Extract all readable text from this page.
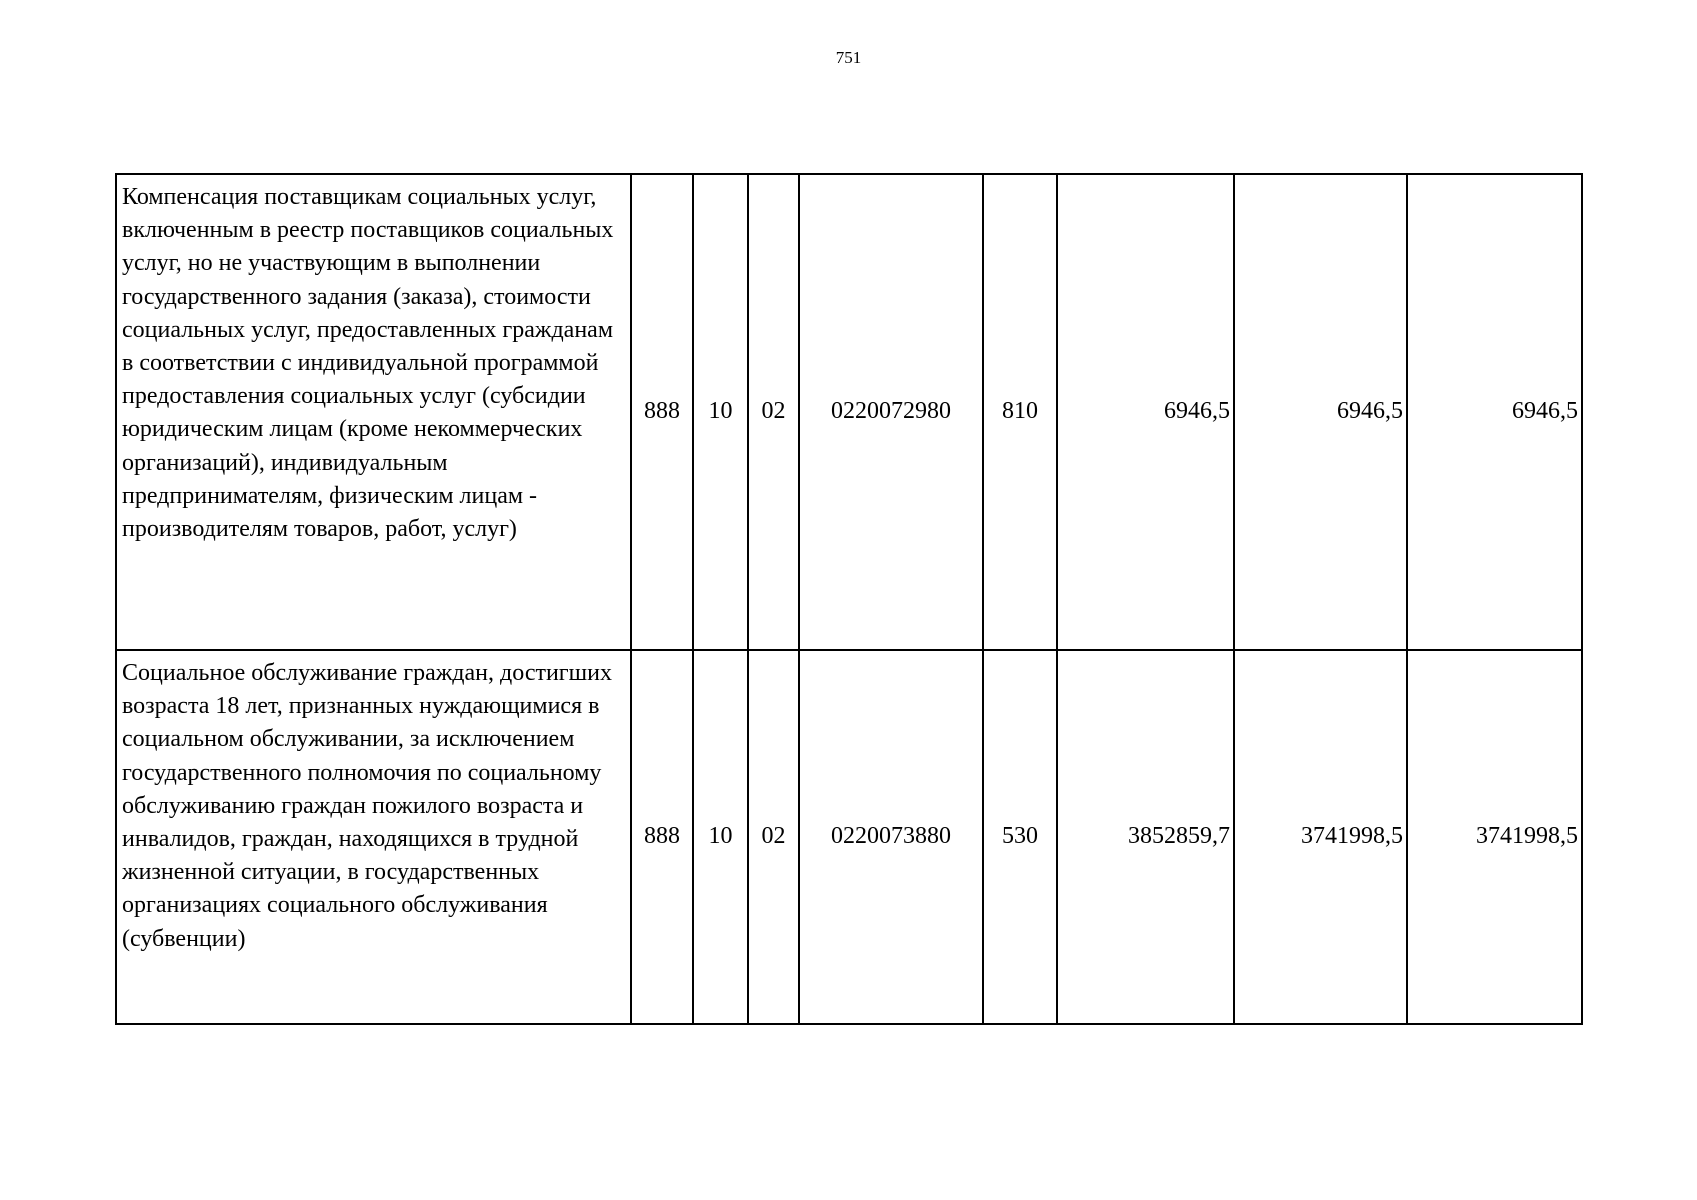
751
Компенсация поставщикам социальных услуг, включенным в реестр поставщиков социальных услуг, но не участвующим в выполнении государственного задания (заказа), стоимости социальных услуг, предоставленных гражданам в соответствии с индивидуальной программой предоставления социальных услуг (субсидии юридическим лицам (кроме некоммерческих организаций), индивидуальным предпринимателям, физическим лицам - производителям товаров, работ, услуг)	888	10	02	0220072980	810	6946,5	6946,5	6946,5
Социальное обслуживание граждан, достигших возраста 18 лет, признанных нуждающимися в социальном обслуживании, за исключением государственного полномочия по социальному обслуживанию граждан пожилого возраста и инвалидов, граждан, находящихся в трудной жизненной ситуации, в государственных организациях социального обслуживания (субвенции)	888	10	02	0220073880	530	3852859,7	3741998,5	3741998,5
